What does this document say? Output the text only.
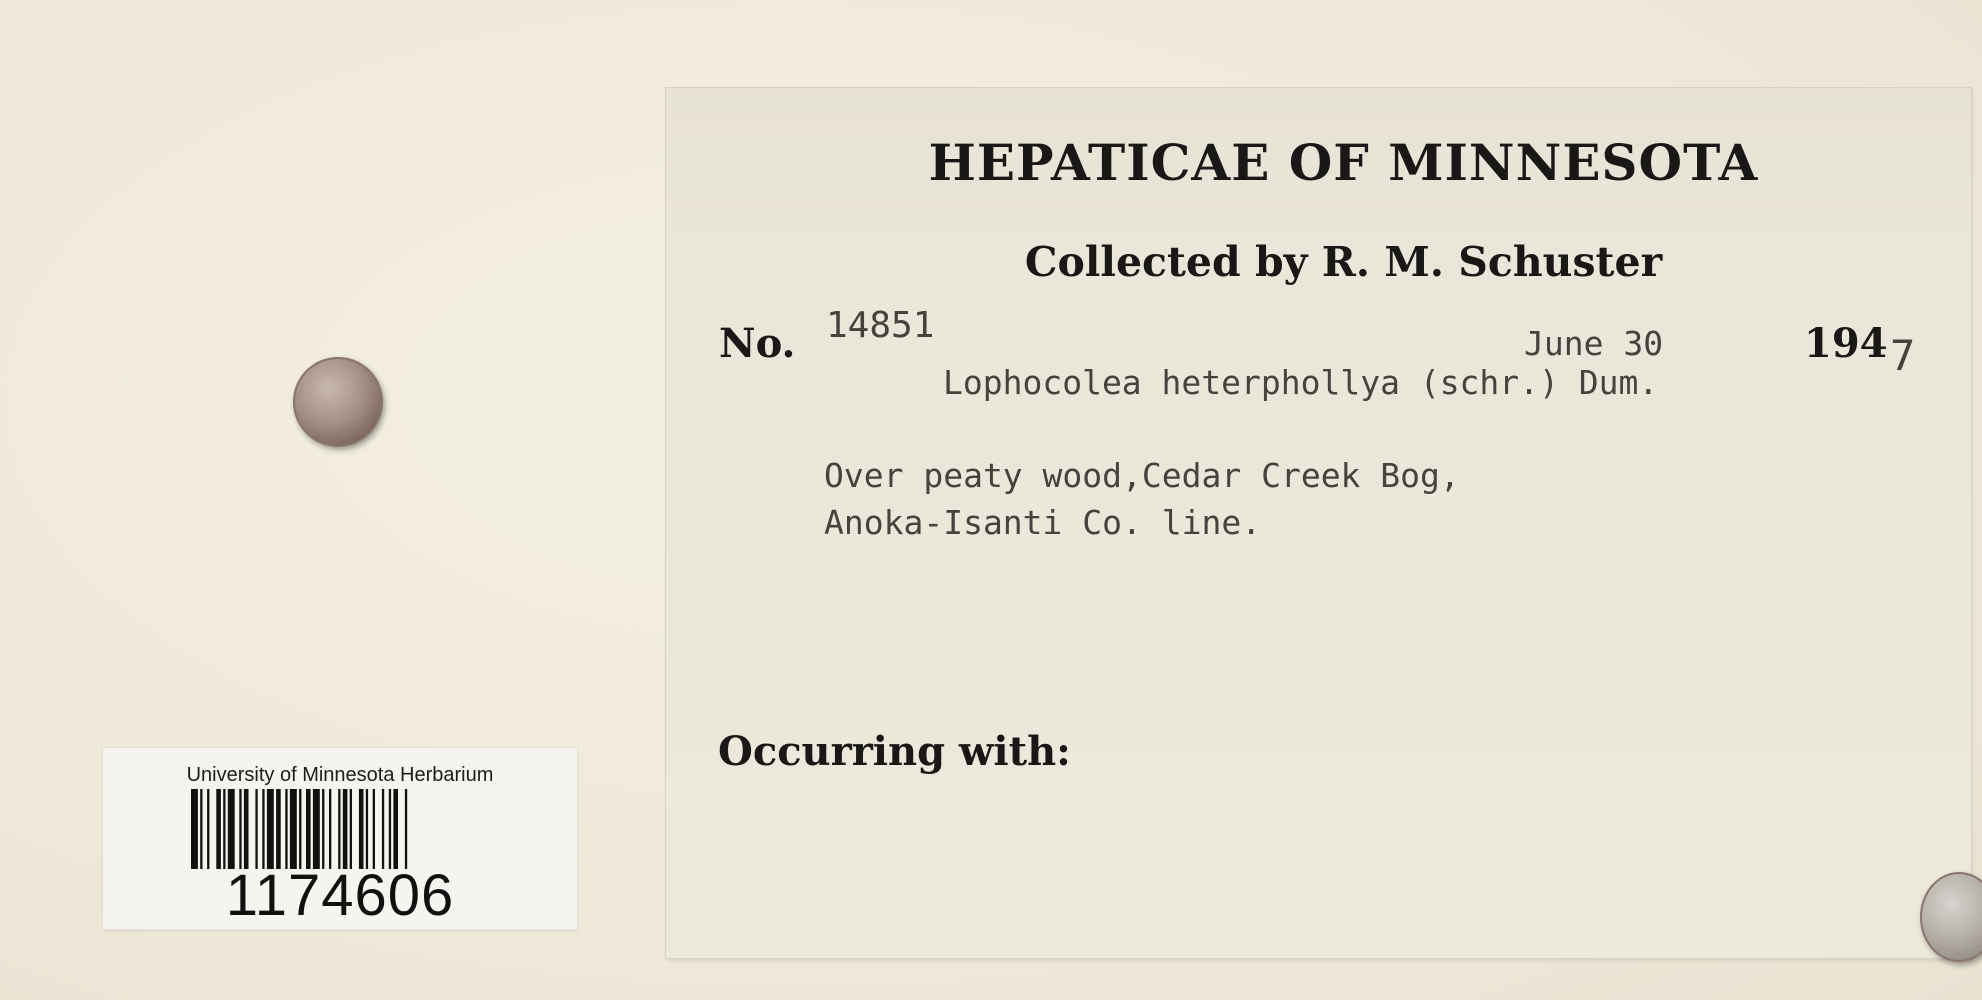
University of Minnesota Herbarium
1174606
HEPATICAE OF MINNESOTA
Collected by R. M. Schuster
No. 14851	June 30	194 7
Lophocolea heterphollya (schr.) Dum.
Over peaty wood,Cedar Creek Bog,
Anoka-Isanti Co. line.
Occurring with:
